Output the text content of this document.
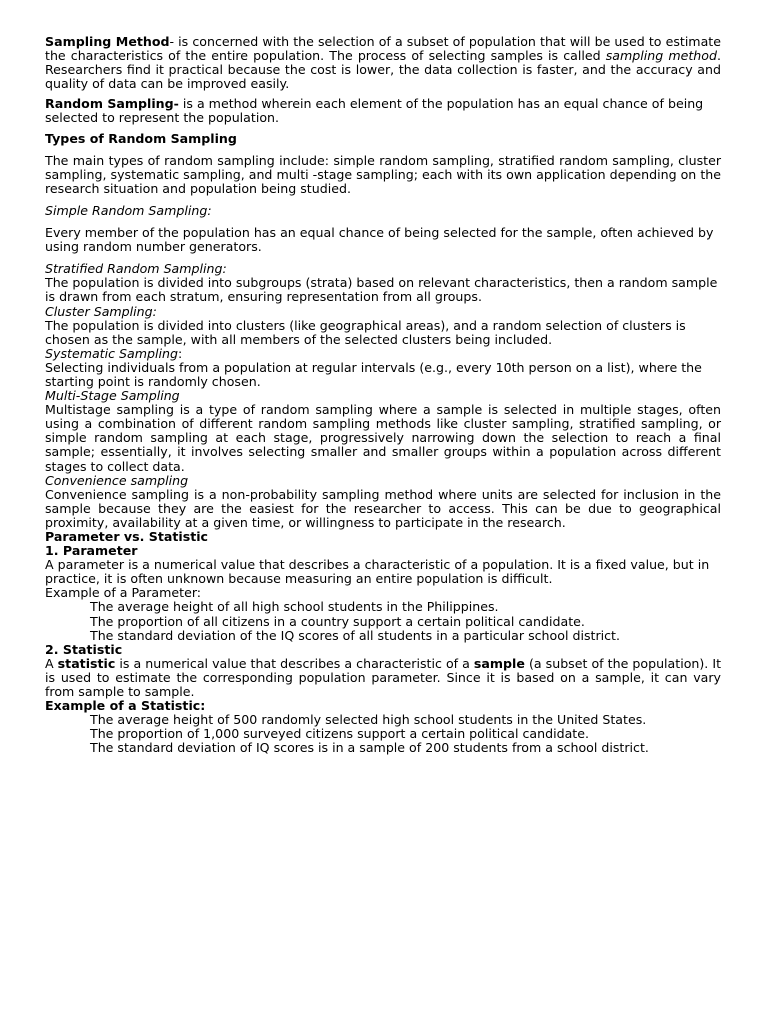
Sampling Method- is concerned with the selection of a subset of population that will be used to estimate the characteristics of the entire population. The process of selecting samples is called sampling method. Researchers find it practical because the cost is lower, the data collection is faster, and the accuracy and quality of data can be improved easily.

Random Sampling- is a method wherein each element of the population has an equal chance of being selected to represent the population.

Types of Random Sampling

The main types of random sampling include: simple random sampling, stratified random sampling, cluster sampling, systematic sampling, and multi -stage sampling; each with its own application depending on the research situation and population being studied.

Simple Random Sampling:

Every member of the population has an equal chance of being selected for the sample, often achieved by using random number generators.

Stratified Random Sampling:

The population is divided into subgroups (strata) based on relevant characteristics, then a random sample is drawn from each stratum, ensuring representation from all groups.

Cluster Sampling:

The population is divided into clusters (like geographical areas), and a random selection of clusters is chosen as the sample, with all members of the selected clusters being included.

Systematic Sampling:

Selecting individuals from a population at regular intervals (e.g., every 10th person on a list), where the starting point is randomly chosen.

Multi-Stage Sampling

Multistage sampling is a type of random sampling where a sample is selected in multiple stages, often using a combination of different random sampling methods like cluster sampling, stratified sampling, or simple random sampling at each stage, progressively narrowing down the selection to reach a final sample; essentially, it involves selecting smaller and smaller groups within a population across different stages to collect data.

Convenience sampling

Convenience sampling is a non-probability sampling method where units are selected for inclusion in the sample because they are the easiest for the researcher to access. This can be due to geographical proximity, availability at a given time, or willingness to participate in the research.

Parameter vs. Statistic

1. Parameter

A parameter is a numerical value that describes a characteristic of a population. It is a fixed value, but in practice, it is often unknown because measuring an entire population is difficult.

Example of a Parameter:

The average height of all high school students in the Philippines.

The proportion of all citizens in a country support a certain political candidate.

The standard deviation of the IQ scores of all students in a particular school district.

2. Statistic

A statistic is a numerical value that describes a characteristic of a sample (a subset of the population). It is used to estimate the corresponding population parameter. Since it is based on a sample, it can vary from sample to sample.

Example of a Statistic:

The average height of 500 randomly selected high school students in the United States.

The proportion of 1,000 surveyed citizens support a certain political candidate.

The standard deviation of IQ scores is in a sample of 200 students from a school district.
